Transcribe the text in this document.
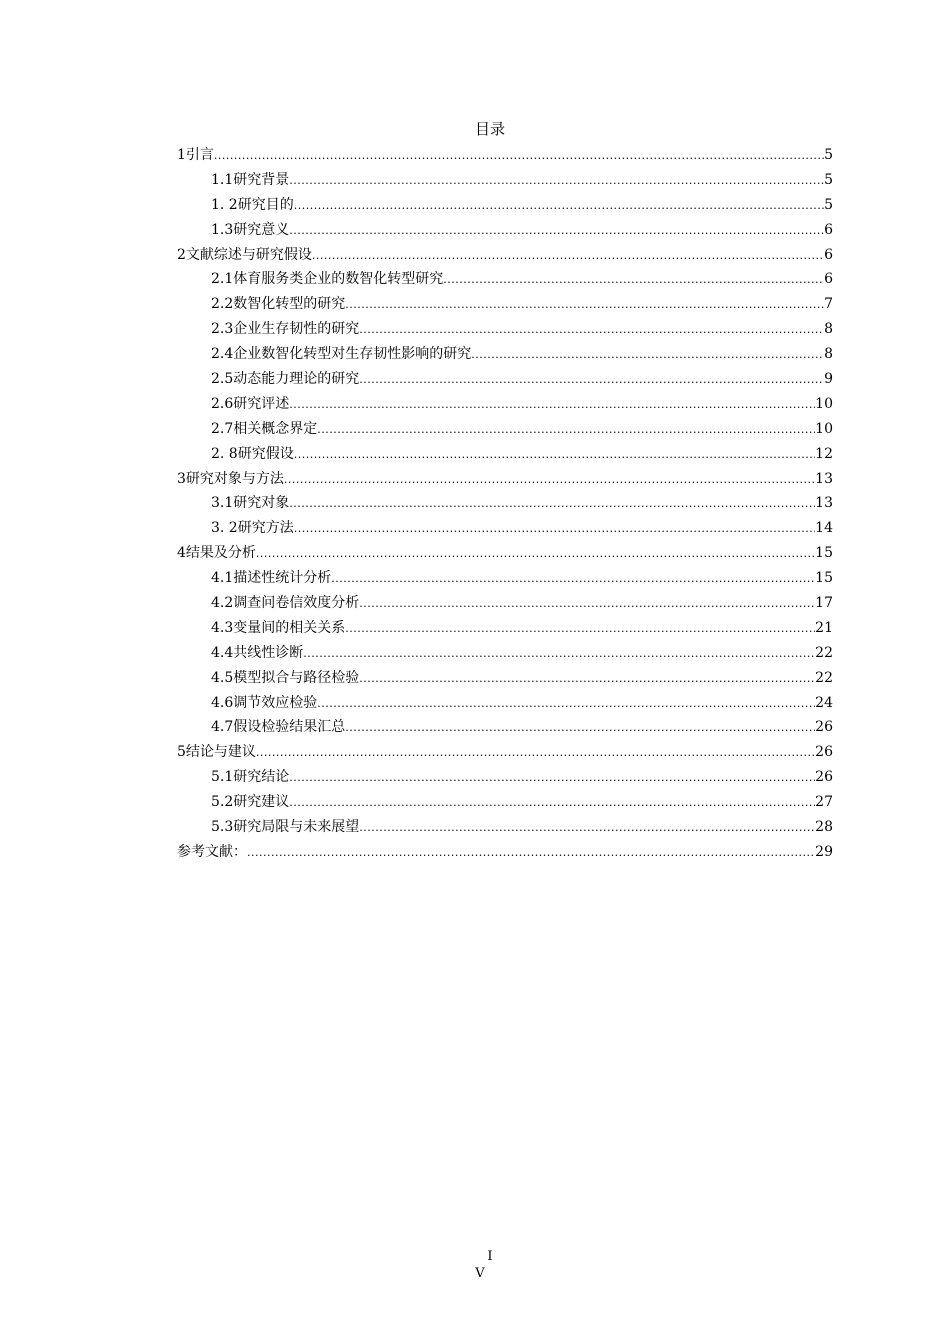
目录
1引言 .....	5
1.1研究背景 .....	5
1. 2研究目的 .....	5
1.3研究意义 .....	6
2文献综述与研究假设 .....	6
2.1体育服务类企业的数智化转型研究 .....	6
2.2数智化转型的研究 .....	7
2.3企业生存韧性的研究 .....	8
2.4企业数智化转型对生存韧性影响的研究 .....	8
2.5动态能力理论的研究 .....	9
2.6研究评述 .....	10
2.7相关概念界定 .....	10
2. 8研究假设 .....	12
3研究对象与方法 .....	13
3.1研究对象 .....	13
3. 2研究方法 .....	14
4结果及分析 .....	15
4.1描述性统计分析 .....	15
4.2调查问卷信效度分析 .....	17
4.3变量间的相关关系 .....	21
4.4共线性诊断 .....	22
4.5模型拟合与路径检验 .....	22
4.6调节效应检验 .....	24
4.7假设检验结果汇总 .....	26
5结论与建议 .....	26
5.1研究结论 .....	26
5.2研究建议 .....	27
5.3研究局限与未来展望 .....	28
参考文献： .....	29
I
V
